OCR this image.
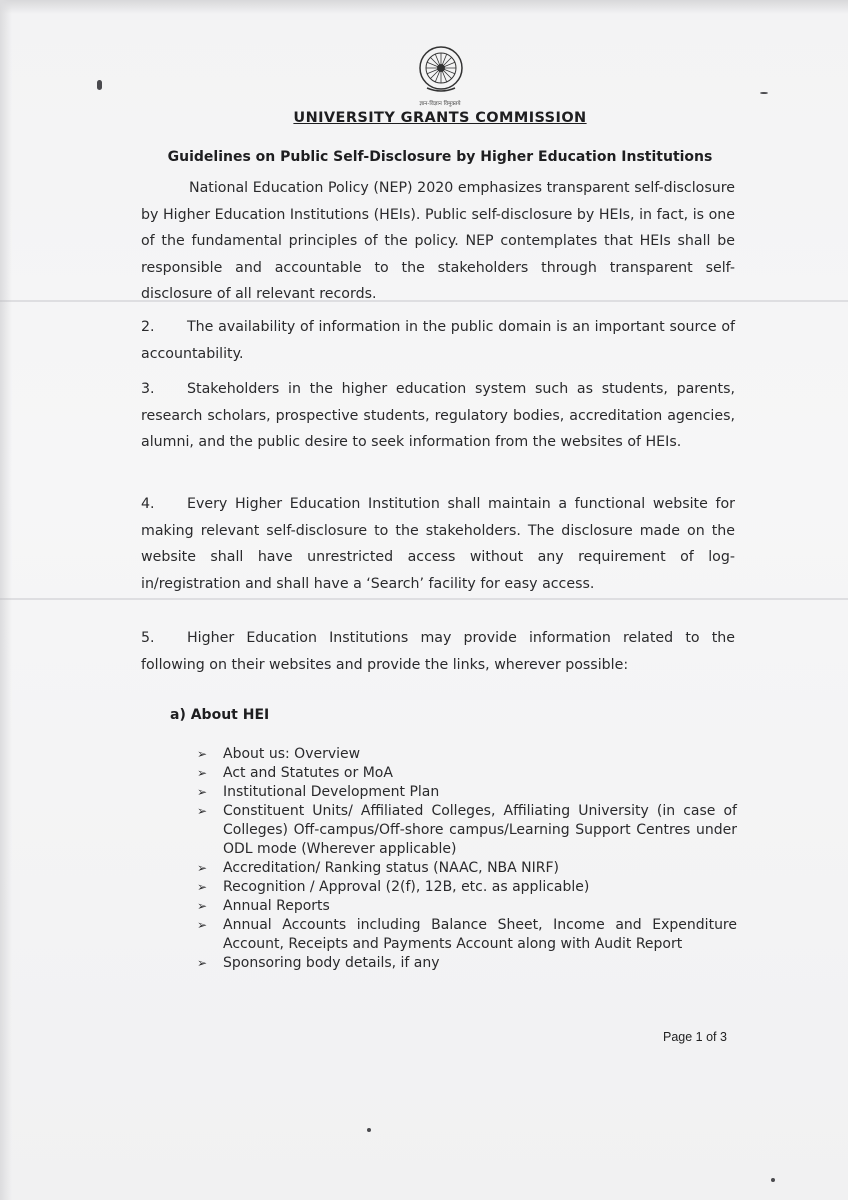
ज्ञान-विज्ञान विमुक्तये
UNIVERSITY GRANTS COMMISSION
Guidelines on Public Self-Disclosure by Higher Education Institutions
National Education Policy (NEP) 2020 emphasizes transparent self-disclosure by Higher Education Institutions (HEIs). Public self-disclosure by HEIs, in fact, is one of the fundamental principles of the policy. NEP contemplates that HEIs shall be responsible and accountable to the stakeholders through transparent self-disclosure of all relevant records.
2. The availability of information in the public domain is an important source of accountability.
3. Stakeholders in the higher education system such as students, parents, research scholars, prospective students, regulatory bodies, accreditation agencies, alumni, and the public desire to seek information from the websites of HEIs.
4. Every Higher Education Institution shall maintain a functional website for making relevant self-disclosure to the stakeholders. The disclosure made on the website shall have unrestricted access without any requirement of log-in/registration and shall have a ‘Search’ facility for easy access.
5. Higher Education Institutions may provide information related to the following on their websites and provide the links, wherever possible:
a) About HEI
➢ About us: Overview
➢ Act and Statutes or MoA
➢ Institutional Development Plan
➢ Constituent Units/ Affiliated Colleges, Affiliating University (in case of Colleges) Off-campus/Off-shore campus/Learning Support Centres under ODL mode (Wherever applicable)
➢ Accreditation/ Ranking status (NAAC, NBA NIRF)
➢ Recognition / Approval (2(f), 12B, etc. as applicable)
➢ Annual Reports
➢ Annual Accounts including Balance Sheet, Income and Expenditure Account, Receipts and Payments Account along with Audit Report
➢ Sponsoring body details, if any
Page 1 of 3
